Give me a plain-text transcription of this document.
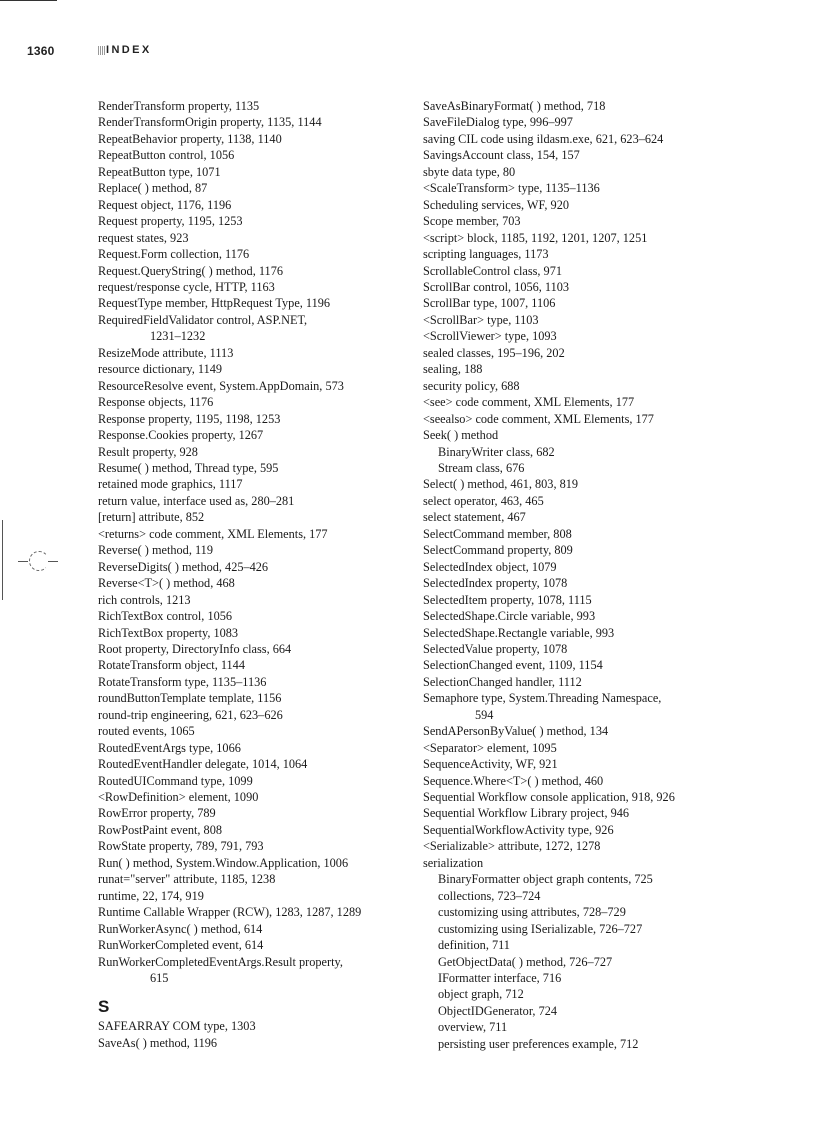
1360	INDEX
RenderTransform property, 1135
RenderTransformOrigin property, 1135, 1144
RepeatBehavior property, 1138, 1140
RepeatButton control, 1056
RepeatButton type, 1071
Replace( ) method, 87
Request object, 1176, 1196
Request property, 1195, 1253
request states, 923
Request.Form collection, 1176
Request.QueryString( ) method, 1176
request/response cycle, HTTP, 1163
RequestType member, HttpRequest Type, 1196
RequiredFieldValidator control, ASP.NET,
1231–1232
ResizeMode attribute, 1113
resource dictionary, 1149
ResourceResolve event, System.AppDomain, 573
Response objects, 1176
Response property, 1195, 1198, 1253
Response.Cookies property, 1267
Result property, 928
Resume( ) method, Thread type, 595
retained mode graphics, 1117
return value, interface used as, 280–281
[return] attribute, 852
<returns> code comment, XML Elements, 177
Reverse( ) method, 119
ReverseDigits( ) method, 425–426
Reverse<T>( ) method, 468
rich controls, 1213
RichTextBox control, 1056
RichTextBox property, 1083
Root property, DirectoryInfo class, 664
RotateTransform object, 1144
RotateTransform type, 1135–1136
roundButtonTemplate template, 1156
round-trip engineering, 621, 623–626
routed events, 1065
RoutedEventArgs type, 1066
RoutedEventHandler delegate, 1014, 1064
RoutedUICommand type, 1099
<RowDefinition> element, 1090
RowError property, 789
RowPostPaint event, 808
RowState property, 789, 791, 793
Run( ) method, System.Window.Application, 1006
runat="server" attribute, 1185, 1238
runtime, 22, 174, 919
Runtime Callable Wrapper (RCW), 1283, 1287, 1289
RunWorkerAsync( ) method, 614
RunWorkerCompleted event, 614
RunWorkerCompletedEventArgs.Result property,
615
S
SAFEARRAY COM type, 1303
SaveAs( ) method, 1196
SaveAsBinaryFormat( ) method, 718
SaveFileDialog type, 996–997
saving CIL code using ildasm.exe, 621, 623–624
SavingsAccount class, 154, 157
sbyte data type, 80
<ScaleTransform> type, 1135–1136
Scheduling services, WF, 920
Scope member, 703
<script> block, 1185, 1192, 1201, 1207, 1251
scripting languages, 1173
ScrollableControl class, 971
ScrollBar control, 1056, 1103
ScrollBar type, 1007, 1106
<ScrollBar> type, 1103
<ScrollViewer> type, 1093
sealed classes, 195–196, 202
sealing, 188
security policy, 688
<see> code comment, XML Elements, 177
<seealso> code comment, XML Elements, 177
Seek( ) method
BinaryWriter class, 682
Stream class, 676
Select( ) method, 461, 803, 819
select operator, 463, 465
select statement, 467
SelectCommand member, 808
SelectCommand property, 809
SelectedIndex object, 1079
SelectedIndex property, 1078
SelectedItem property, 1078, 1115
SelectedShape.Circle variable, 993
SelectedShape.Rectangle variable, 993
SelectedValue property, 1078
SelectionChanged event, 1109, 1154
SelectionChanged handler, 1112
Semaphore type, System.Threading Namespace,
594
SendAPersonByValue( ) method, 134
<Separator> element, 1095
SequenceActivity, WF, 921
Sequence.Where<T>( ) method, 460
Sequential Workflow console application, 918, 926
Sequential Workflow Library project, 946
SequentialWorkflowActivity type, 926
<Serializable> attribute, 1272, 1278
serialization
BinaryFormatter object graph contents, 725
collections, 723–724
customizing using attributes, 728–729
customizing using ISerializable, 726–727
definition, 711
GetObjectData( ) method, 726–727
IFormatter interface, 716
object graph, 712
ObjectIDGenerator, 724
overview, 711
persisting user preferences example, 712
